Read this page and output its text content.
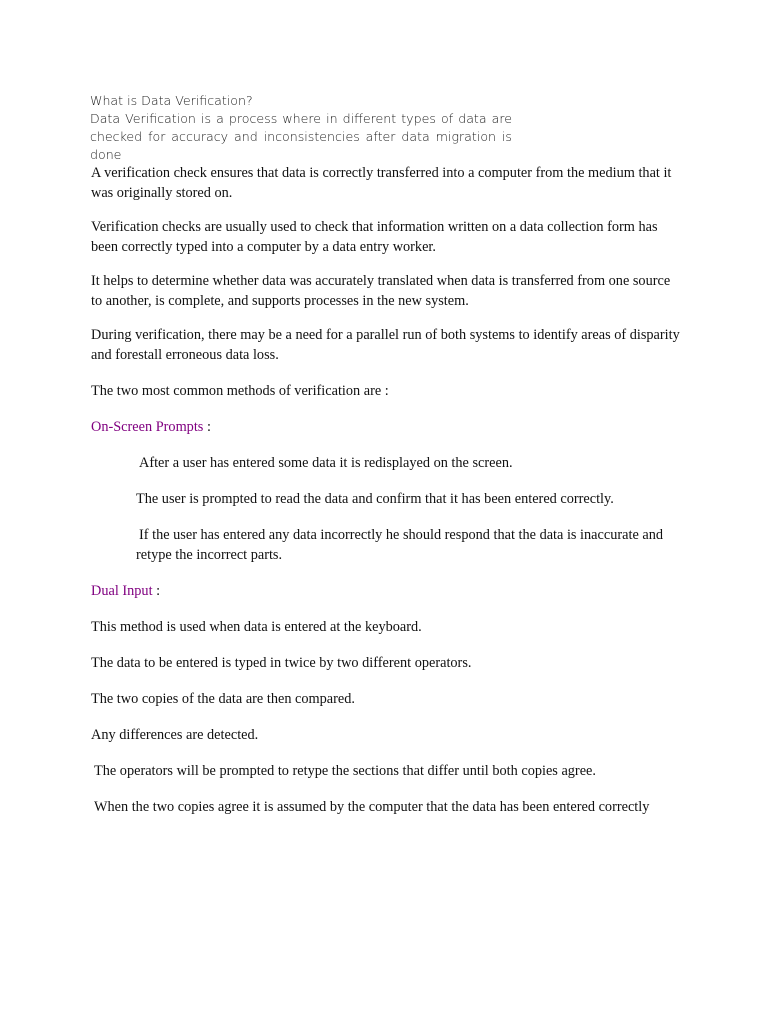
What is Data Verification?
Data Verification is a process where in different types of data are checked for accuracy and inconsistencies after data migration is done

A verification check ensures that data is correctly transferred into a computer from the medium that it was originally stored on.

Verification checks are usually used to check that information written on a data collection form has been correctly typed into a computer by a data entry worker.

It helps to determine whether data was accurately translated when data is transferred from one source to another, is complete, and supports processes in the new system.

During verification, there may be a need for a parallel run of both systems to identify areas of disparity and forestall erroneous data loss.

The two most common methods of verification are :

On-Screen Prompts :

After a user has entered some data it is redisplayed on the screen.

The user is prompted to read the data and confirm that it has been entered correctly.

If the user has entered any data incorrectly he should respond that the data is inaccurate and retype the incorrect parts.

Dual Input :

This method is used when data is entered at the keyboard.

The data to be entered is typed in twice by two different operators.

The two copies of the data are then compared.

Any differences are detected.

The operators will be prompted to retype the sections that differ until both copies agree.

When the two copies agree it is assumed by the computer that the data has been entered correctly
